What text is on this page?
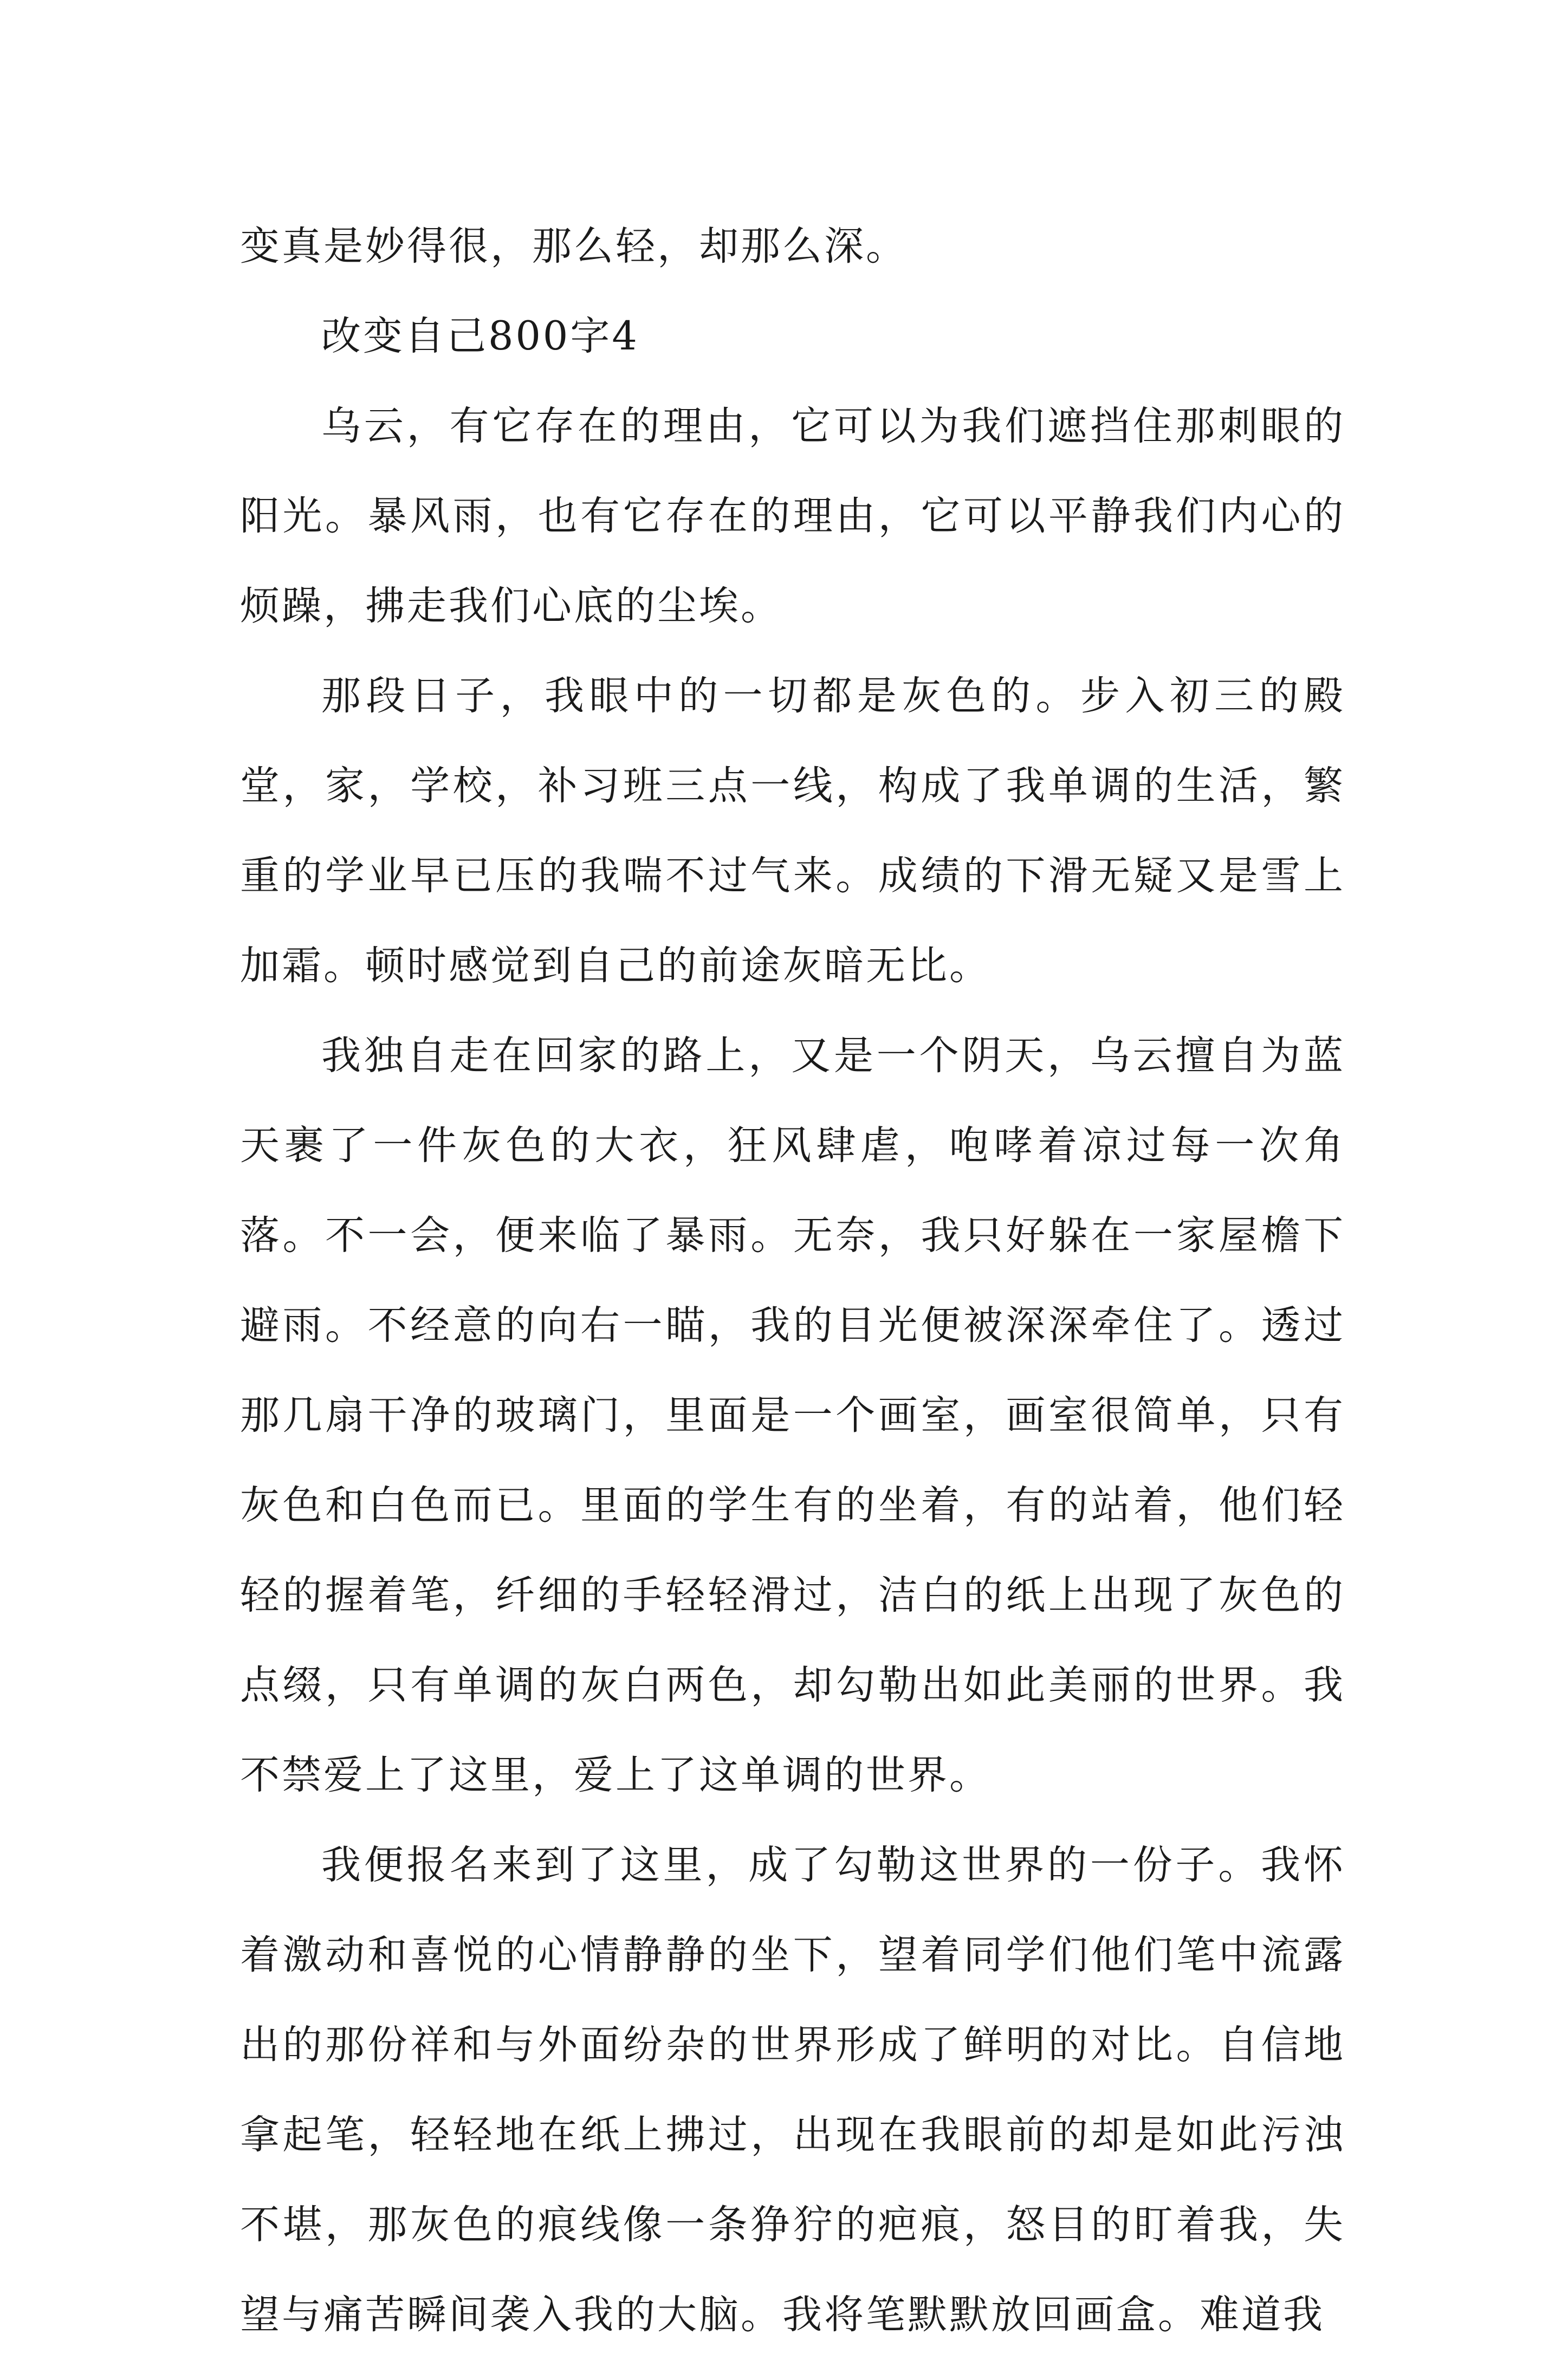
变真是妙得很，那么轻，却那么深。

改变自己800字4

乌云，有它存在的理由，它可以为我们遮挡住那刺眼的阳光。暴风雨，也有它存在的理由，它可以平静我们内心的烦躁，拂走我们心底的尘埃。

那段日子，我眼中的一切都是灰色的。步入初三的殿堂，家，学校，补习班三点一线，构成了我单调的生活，繁重的学业早已压的我喘不过气来。成绩的下滑无疑又是雪上加霜。顿时感觉到自己的前途灰暗无比。

我独自走在回家的路上，又是一个阴天，乌云擅自为蓝天裹了一件灰色的大衣，狂风肆虐，咆哮着凉过每一次角落。不一会，便来临了暴雨。无奈，我只好躲在一家屋檐下避雨。不经意的向右一瞄，我的目光便被深深牵住了。透过那几扇干净的玻璃门，里面是一个画室，画室很简单，只有灰色和白色而已。里面的学生有的坐着，有的站着，他们轻轻的握着笔，纤细的手轻轻滑过，洁白的纸上出现了灰色的点缀，只有单调的灰白两色，却勾勒出如此美丽的世界。我不禁爱上了这里，爱上了这单调的世界。

我便报名来到了这里，成了勾勒这世界的一份子。我怀着激动和喜悦的心情静静的坐下，望着同学们他们笔中流露出的那份祥和与外面纷杂的世界形成了鲜明的对比。自信地拿起笔，轻轻地在纸上拂过，出现在我眼前的却是如此污浊不堪，那灰色的痕线像一条狰狞的疤痕，怒目的盯着我，失望与痛苦瞬间袭入我的大脑。我将笔默默放回画盒。难道我
